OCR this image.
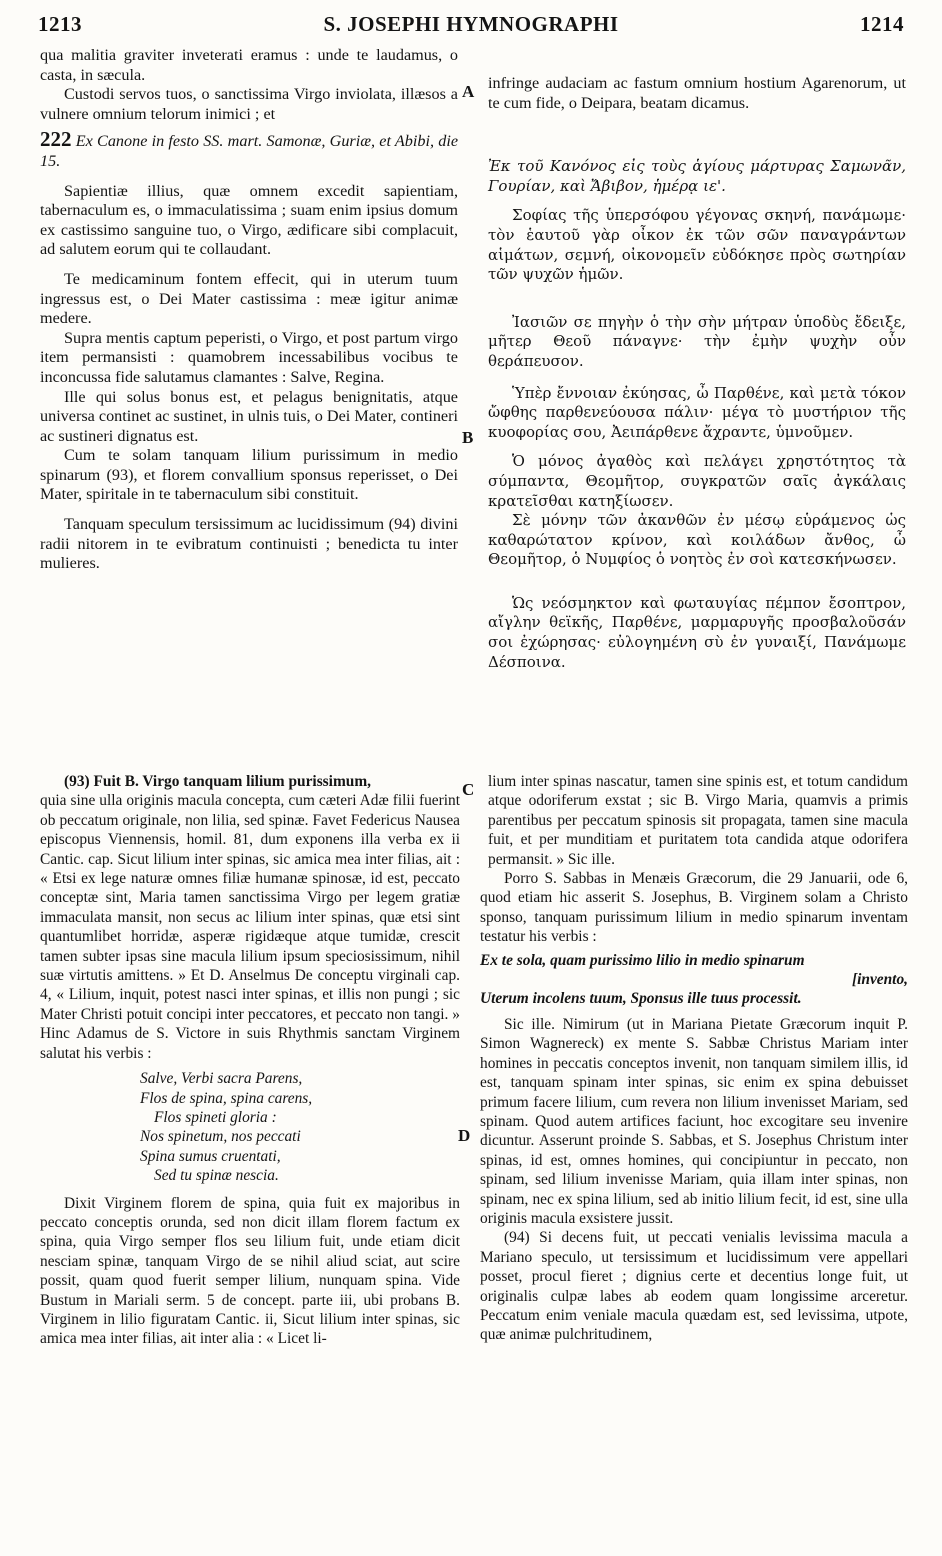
1213	S. JOSEPHI HYMNOGRAPHI	1214

qua malitia graviter inveterati eramus : unde te laudamus, o casta, in sæcula.

Custodi servos tuos, o sanctissima Virgo inviolata, illæsos a vulnere omnium telorum inimici ; et

222 Ex Canone in festo SS. mart. Samonæ, Guriæ, et Abibi, die 15.

Sapientiæ illius, quæ omnem excedit sapientiam, tabernaculum es, o immaculatissima ; suam enim ipsius domum ex castissimo sanguine tuo, o Virgo, ædificare sibi complacuit, ad salutem eorum qui te collaudant.

Te medicaminum fontem effecit, qui in uterum tuum ingressus est, o Dei Mater castissima : meæ igitur animæ medere.

Supra mentis captum peperisti, o Virgo, et post partum virgo item permansisti : quamobrem incessabilibus vocibus te inconcussa fide salutamus clamantes : Salve, Regina.

Ille qui solus bonus est, et pelagus benignitatis, atque universa continet ac sustinet, in ulnis tuis, o Dei Mater, contineri ac sustineri dignatus est.

Cum te solam tanquam lilium purissimum in medio spinarum (93), et florem convallium sponsus reperisset, o Dei Mater, spiritale in te tabernaculum sibi constituit.

Tanquam speculum tersissimum ac lucidissimum (94) divini radii nitorem in te evibratum continuisti ; benedicta tu inter mulieres.

infringe audaciam ac fastum omnium hostium Agarenorum, ut te cum fide, o Deipara, beatam dicamus.

Ἐκ τοῦ Κανόνος εἰς τοὺς ἁγίους μάρτυρας Σαμωνᾶν, Γουρίαν, καὶ Ἄβιβον, ἡμέρᾳ ιε'.

Σοφίας τῆς ὑπερσόφου γέγονας σκηνή, πανάμωμε· τὸν ἑαυτοῦ γὰρ οἶκον ἐκ τῶν σῶν παναγράντων αἱμάτων, σεμνή, οἰκονομεῖν εὐδόκησε πρὸς σωτηρίαν τῶν ψυχῶν ἡμῶν.

Ἰασιῶν σε πηγὴν ὁ τὴν σὴν μήτραν ὑποδὺς ἔδειξε, μῆτερ Θεοῦ πάναγνε· τὴν ἐμὴν ψυχὴν οὖν θεράπευσον.

Ὑπὲρ ἔννοιαν ἐκύησας, ὦ Παρθένε, καὶ μετὰ τόκον ὤφθης παρθενεύουσα πάλιν· μέγα τὸ μυστήριον τῆς κυοφορίας σου, Ἀειπάρθενε ἄχραντε, ὑμνοῦμεν.

Ὁ μόνος ἀγαθὸς καὶ πελάγει χρηστότητος τὰ σύμπαντα, Θεομῆτορ, συγκρατῶν σαῖς ἀγκάλαις κρατεῖσθαι κατηξίωσεν.

Σὲ μόνην τῶν ἀκανθῶν ἐν μέσῳ εὑράμενος ὡς καθαρώτατον κρίνον, καὶ κοιλάδων ἄνθος, ὦ Θεομῆτορ, ὁ Νυμφίος ὁ νοητὸς ἐν σοὶ κατεσκήνωσεν.

Ὡς νεόσμηκτον καὶ φωταυγίας πέμπον ἔσοπτρον, αἴγλην θεϊκῆς, Παρθένε, μαρμαρυγῆς προσβαλοῦσάν σοι ἐχώρησας· εὐλογημένη σὺ ἐν γυναιξί, Πανάμωμε Δέσποινα.

A
B
C
D

(93) Fuit B. Virgo tanquam lilium purissimum,

quia sine ulla originis macula concepta, cum cæteri Adæ filii fuerint ob peccatum originale, non lilia, sed spinæ. Favet Federicus Nausea episcopus Viennensis, homil. 81, dum exponens illa verba ex ii Cantic. cap. Sicut lilium inter spinas, sic amica mea inter filias, ait : « Etsi ex lege naturæ omnes filiæ humanæ spinosæ, id est, peccato conceptæ sint, Maria tamen sanctissima Virgo per legem gratiæ immaculata mansit, non secus ac lilium inter spinas, quæ etsi sint quantumlibet horridæ, asperæ rigidæque atque tumidæ, crescit tamen subter ipsas sine macula lilium ipsum speciosissimum, nihil suæ virtutis amittens. » Et D. Anselmus De conceptu virginali cap. 4, « Lilium, inquit, potest nasci inter spinas, et illis non pungi ; sic Mater Christi potuit concipi inter peccatores, et peccato non tangi. » Hinc Adamus de S. Victore in suis Rhythmis sanctam Virginem salutat his verbis :

Salve, Verbi sacra Parens,
Flos de spina, spina carens,
Flos spineti gloria :
Nos spinetum, nos peccati
Spina sumus cruentati,
Sed tu spinæ nescia.

Dixit Virginem florem de spina, quia fuit ex majoribus in peccato conceptis orunda, sed non dicit illam florem factum ex spina, quia Virgo semper flos seu lilium fuit, unde etiam dicit nesciam spinæ, tanquam Virgo de se nihil aliud sciat, aut scire possit, quam quod fuerit semper lilium, nunquam spina. Vide Bustum in Mariali serm. 5 de concept. parte iii, ubi probans B. Virginem in lilio figuratam Cantic. ii, Sicut lilium inter spinas, sic amica mea inter filias, ait inter alia : « Licet li-

lium inter spinas nascatur, tamen sine spinis est, et totum candidum atque odoriferum exstat ; sic B. Virgo Maria, quamvis a primis parentibus per peccatum spinosis sit propagata, tamen sine macula fuit, et per munditiam et puritatem tota candida atque odorifera permansit. » Sic ille.

Porro S. Sabbas in Menæis Græcorum, die 29 Januarii, ode 6, quod etiam hic asserit S. Josephus, B. Virginem solam a Christo sponso, tanquam purissimum lilium in medio spinarum inventam testatur his verbis :

Ex te sola, quam purissimo lilio in medio spinarum
[invento,
Uterum incolens tuum, Sponsus ille tuus processit.

Sic ille. Nimirum (ut in Mariana Pietate Græcorum inquit P. Simon Wagnereck) ex mente S. Sabbæ Christus Mariam inter homines in peccatis conceptos invenit, non tanquam similem illis, id est, tanquam spinam inter spinas, sic enim ex spina debuisset primum facere lilium, cum revera non lilium invenisset Mariam, sed spinam. Quod autem artifices faciunt, hoc excogitare seu invenire dicuntur. Asserunt proinde S. Sabbas, et S. Josephus Christum inter spinas, id est, omnes homines, qui concipiuntur in peccato, non spinam, sed lilium invenisse Mariam, quia illam inter spinas, non spinam, nec ex spina lilium, sed ab initio lilium fecit, id est, sine ulla originis macula exsistere jussit.

(94) Si decens fuit, ut peccati venialis levissima macula a Mariano speculo, ut tersissimum et lucidissimum vere appellari posset, procul fieret ; dignius certe et decentius longe fuit, ut originalis culpæ labes ab eodem quam longissime arceretur. Peccatum enim veniale macula quædam est, sed levissima, utpote, quæ animæ pulchritudinem,
